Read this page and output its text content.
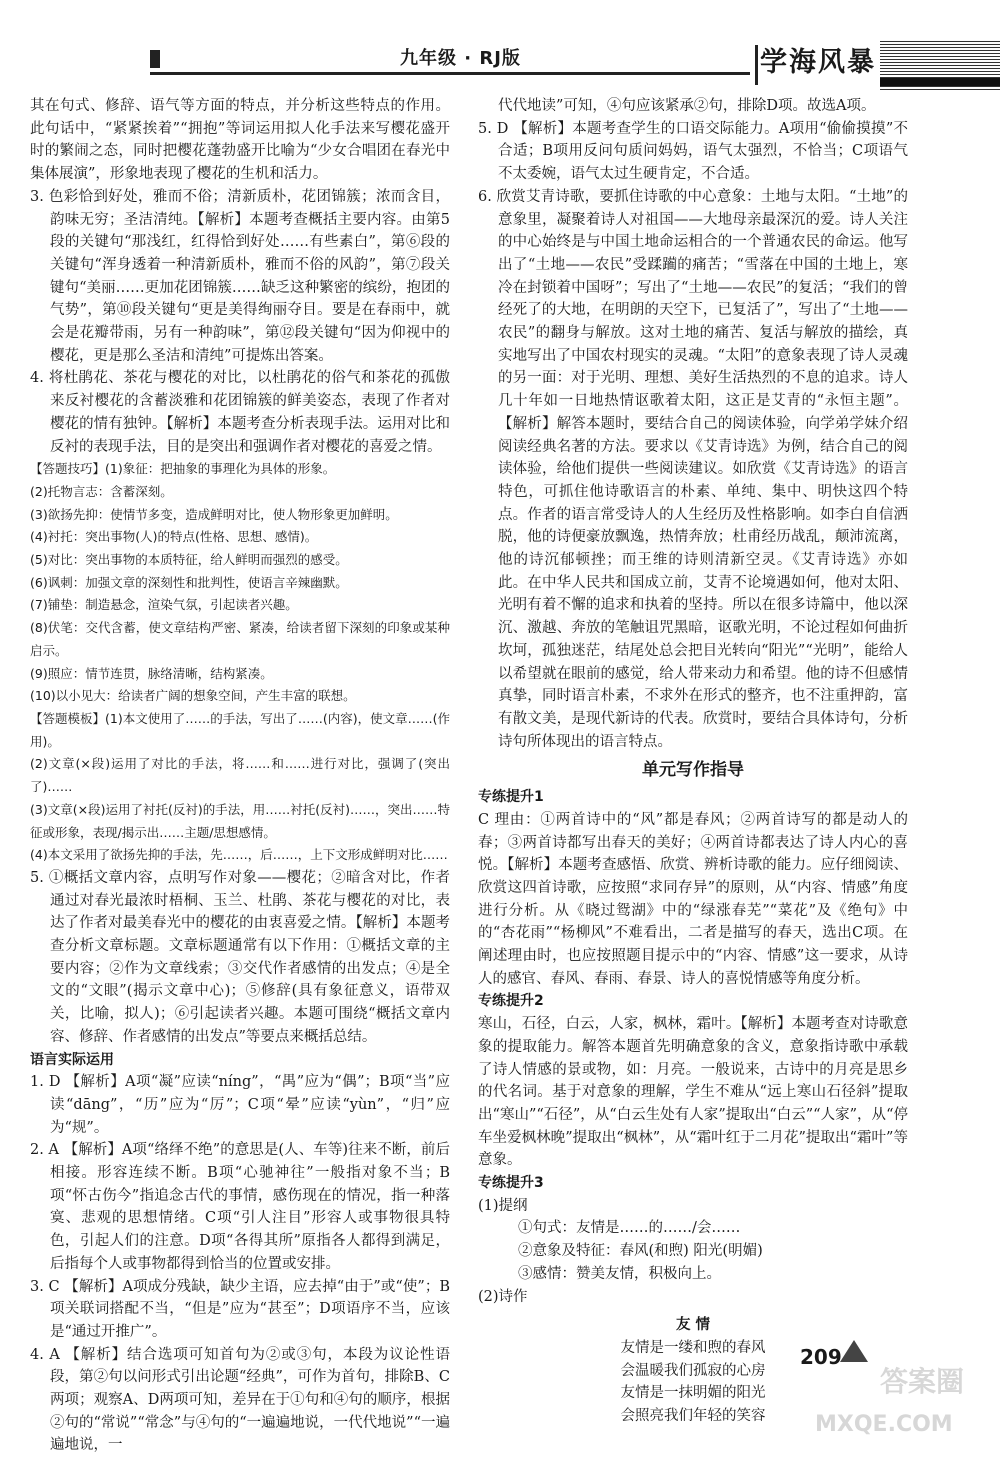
九年级 · RJ版	学海风暴

其在句式、修辞、语气等方面的特点，并分析这些特点的作用。此句话中，“紧紧挨着”“拥抱”等词运用拟人化手法来写樱花盛开时的繁闹之态，同时把樱花蓬勃盛开比喻为“少女合唱团在春光中集体展演”，形象地表现了樱花的生机和活力。

3. 色彩恰到好处，雅而不俗；清新质朴，花团锦簇；浓而含目，韵味无穷；圣洁清纯。【解析】本题考查概括主要内容。由第5段的关键句“那浅红，红得恰到好处……有些素白”，第⑥段的关键句“浑身透着一种清新质朴，雅而不俗的风韵”，第⑦段关键句“美丽……更加花团锦簇……缺乏这种繁密的缤纷，抱团的气势”，第⑩段关键句“更是美得绚丽夺目。要是在春雨中，就会是花瓣带雨，另有一种韵味”，第⑫段关键句“因为仰视中的樱花，更是那么圣洁和清纯”可提炼出答案。

4. 将杜鹃花、茶花与樱花的对比，以杜鹃花的俗气和茶花的孤傲来反衬樱花的含蓄淡雅和花团锦簇的鲜美姿态，表现了作者对樱花的情有独钟。【解析】本题考查分析表现手法。运用对比和反衬的表现手法，目的是突出和强调作者对樱花的喜爱之情。

【答题技巧】(1)象征：把抽象的事理化为具体的形象。

(2)托物言志：含蓄深刻。

(3)欲扬先抑：使情节多变，造成鲜明对比，使人物形象更加鲜明。

(4)衬托：突出事物(人)的特点(性格、思想、感情)。

(5)对比：突出事物的本质特征，给人鲜明而强烈的感受。

(6)讽刺：加强文章的深刻性和批判性，使语言辛辣幽默。

(7)铺垫：制造悬念，渲染气氛，引起读者兴趣。

(8)伏笔：交代含蓄，使文章结构严密、紧凑，给读者留下深刻的印象或某种启示。

(9)照应：情节连贯，脉络清晰，结构紧凑。

(10)以小见大：给读者广阔的想象空间，产生丰富的联想。

【答题模板】(1)本文使用了……的手法，写出了……(内容)，使文章……(作用)。

(2)文章(×段)运用了对比的手法，将……和……进行对比，强调了(突出了)……

(3)文章(×段)运用了衬托(反衬)的手法，用……衬托(反衬)……，突出……特征或形象，表现/揭示出……主题/思想感情。

(4)本文采用了欲扬先抑的手法，先……，后……，上下文形成鲜明对比……

5. ①概括文章内容，点明写作对象——樱花；②暗含对比，作者通过对春光最浓时梧桐、玉兰、杜鹃、茶花与樱花的对比，表达了作者对最美春光中的樱花的由衷喜爱之情。【解析】本题考查分析文章标题。文章标题通常有以下作用：①概括文章的主要内容；②作为文章线索；③交代作者感情的出发点；④是全文的“文眼”(揭示文章中心)；⑤修辞(具有象征意义，语带双关，比喻，拟人)；⑥引起读者兴趣。本题可围绕“概括文章内容、修辞、作者感情的出发点”等要点来概括总结。

语言实际运用

1. D 【解析】A项“凝”应读“níng”，“禺”应为“偶”；B项“当”应读“dāng”，“历”应为“厉”；C项“晕”应读“yùn”，“归”应为“规”。

2. A 【解析】A项“络绎不绝”的意思是(人、车等)往来不断，前后相接。形容连续不断。B项“心驰神往”一般指对象不当；B项“怀古伤今”指追念古代的事情，感伤现在的情况，指一种落寞、悲观的思想情绪。C项“引人注目”形容人或事物很具特色，引起人们的注意。D项“各得其所”原指各人都得到满足，后指每个人或事物都得到恰当的位置或安排。

3. C 【解析】A项成分残缺，缺少主语，应去掉“由于”或“使”；B项关联词搭配不当，“但是”应为“甚至”；D项语序不当，应该是“通过开推广”。

4. A 【解析】结合选项可知首句为②或③句，本段为议论性语段，第②句以问形式引出论题“经典”，可作为首句，排除B、C两项；观察A、D两项可知，差异在于①句和④句的顺序，根据②句的“常说”“常念”与④句的“一遍遍地说，一代代地说”“一遍遍地说，一

代代地读”可知，④句应该紧承②句，排除D项。故选A项。

5. D 【解析】本题考查学生的口语交际能力。A项用“偷偷摸摸”不合适；B项用反问句质问妈妈，语气太强烈，不恰当；C项语气不太委婉，语气太过生硬肯定，不合适。

6. 欣赏艾青诗歌，要抓住诗歌的中心意象：土地与太阳。“土地”的意象里，凝聚着诗人对祖国——大地母亲最深沉的爱。诗人关注的中心始终是与中国土地命运相合的一个普通农民的命运。他写出了“土地——农民”受蹂躏的痛苦；“雪落在中国的土地上，寒冷在封锁着中国呀”；写出了“土地——农民”的复活；“我们的曾经死了的大地，在明朗的天空下，已复活了”，写出了“土地——农民”的翻身与解放。这对土地的痛苦、复活与解放的描绘，真实地写出了中国农村现实的灵魂。“太阳”的意象表现了诗人灵魂的另一面：对于光明、理想、美好生活热烈的不息的追求。诗人几十年如一日地热情讴歌着太阳，这正是艾青的“永恒主题”。【解析】解答本题时，要结合自己的阅读体验，向学弟学妹介绍阅读经典名著的方法。要求以《艾青诗选》为例，结合自己的阅读体验，给他们提供一些阅读建议。如欣赏《艾青诗选》的语言特色，可抓住他诗歌语言的朴素、单纯、集中、明快这四个特点。作者的语言常受诗人的人生经历及性格影响。如李白自信洒脱，他的诗便豪放飘逸，热情奔放；杜甫经历战乱，颠沛流离，他的诗沉郁顿挫；而王维的诗则清新空灵。《艾青诗选》亦如此。在中华人民共和国成立前，艾青不论境遇如何，他对太阳、光明有着不懈的追求和执着的坚持。所以在很多诗篇中，他以深沉、激越、奔放的笔触诅咒黑暗，讴歌光明，不论过程如何曲折坎坷，孤独迷茫，结尾处总会把目光转向“阳光”“光明”，能给人以希望就在眼前的感觉，给人带来动力和希望。他的诗不但感情真挚，同时语言朴素，不求外在形式的整齐，也不注重押韵，富有散文美，是现代新诗的代表。欣赏时，要结合具体诗句，分析诗句所体现出的语言特点。

单元写作指导

专练提升1

C 理由：①两首诗中的“风”都是春风；②两首诗写的都是动人的春；③两首诗都写出春天的美好；④两首诗都表达了诗人内心的喜悦。【解析】本题考查感悟、欣赏、辨析诗歌的能力。应仔细阅读、欣赏这四首诗歌，应按照“求同存异”的原则，从“内容、情感”角度进行分析。从《晓过鸳湖》中的“绿涨春芜”“菜花”及《绝句》中的“杏花雨”“杨柳风”不难看出，二者是描写的春天，选出C项。在阐述理由时，也应按照题目提示中的“内容、情感”这一要求，从诗人的感官、春风、春雨、春景、诗人的喜悦情感等角度分析。

专练提升2

寒山，石径，白云，人家，枫林，霜叶。【解析】本题考查对诗歌意象的提取能力。解答本题首先明确意象的含义，意象指诗歌中承载了诗人情感的景或物，如：月亮。一般说来，古诗中的月亮是思乡的代名词。基于对意象的理解，学生不难从“远上寒山石径斜”提取出“寒山”“石径”，从“白云生处有人家”提取出“白云”“人家”，从“停车坐爱枫林晚”提取出“枫林”，从“霜叶红于二月花”提取出“霜叶”等意象。

专练提升3

(1)提纲

①句式：友情是……的……/会……

②意象及特征：春风(和煦) 阳光(明媚)

③感情：赞美友情，积极向上。

(2)诗作

友 情

友情是一缕和煦的春风

会温暖我们孤寂的心房

友情是一抹明媚的阳光

会照亮我们年轻的笑容

209
答案圈
MXQE.COM
